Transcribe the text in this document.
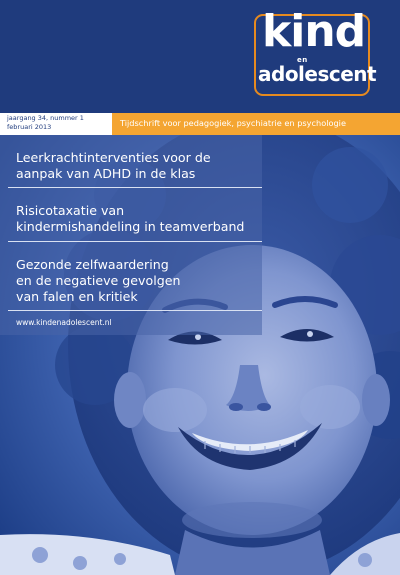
kind
en
adolescent
jaargang 34, nummer 1
februari 2013	Tijdschrift voor pedagogiek, psychiatrie en psychologie
Leerkrachtinterventies voor de
aanpak van ADHD in de klas
Risicotaxatie van
kindermishandeling in teamverband
Gezonde zelfwaardering
en de negatieve gevolgen
van falen en kritiek
www.kindenadolescent.nl
